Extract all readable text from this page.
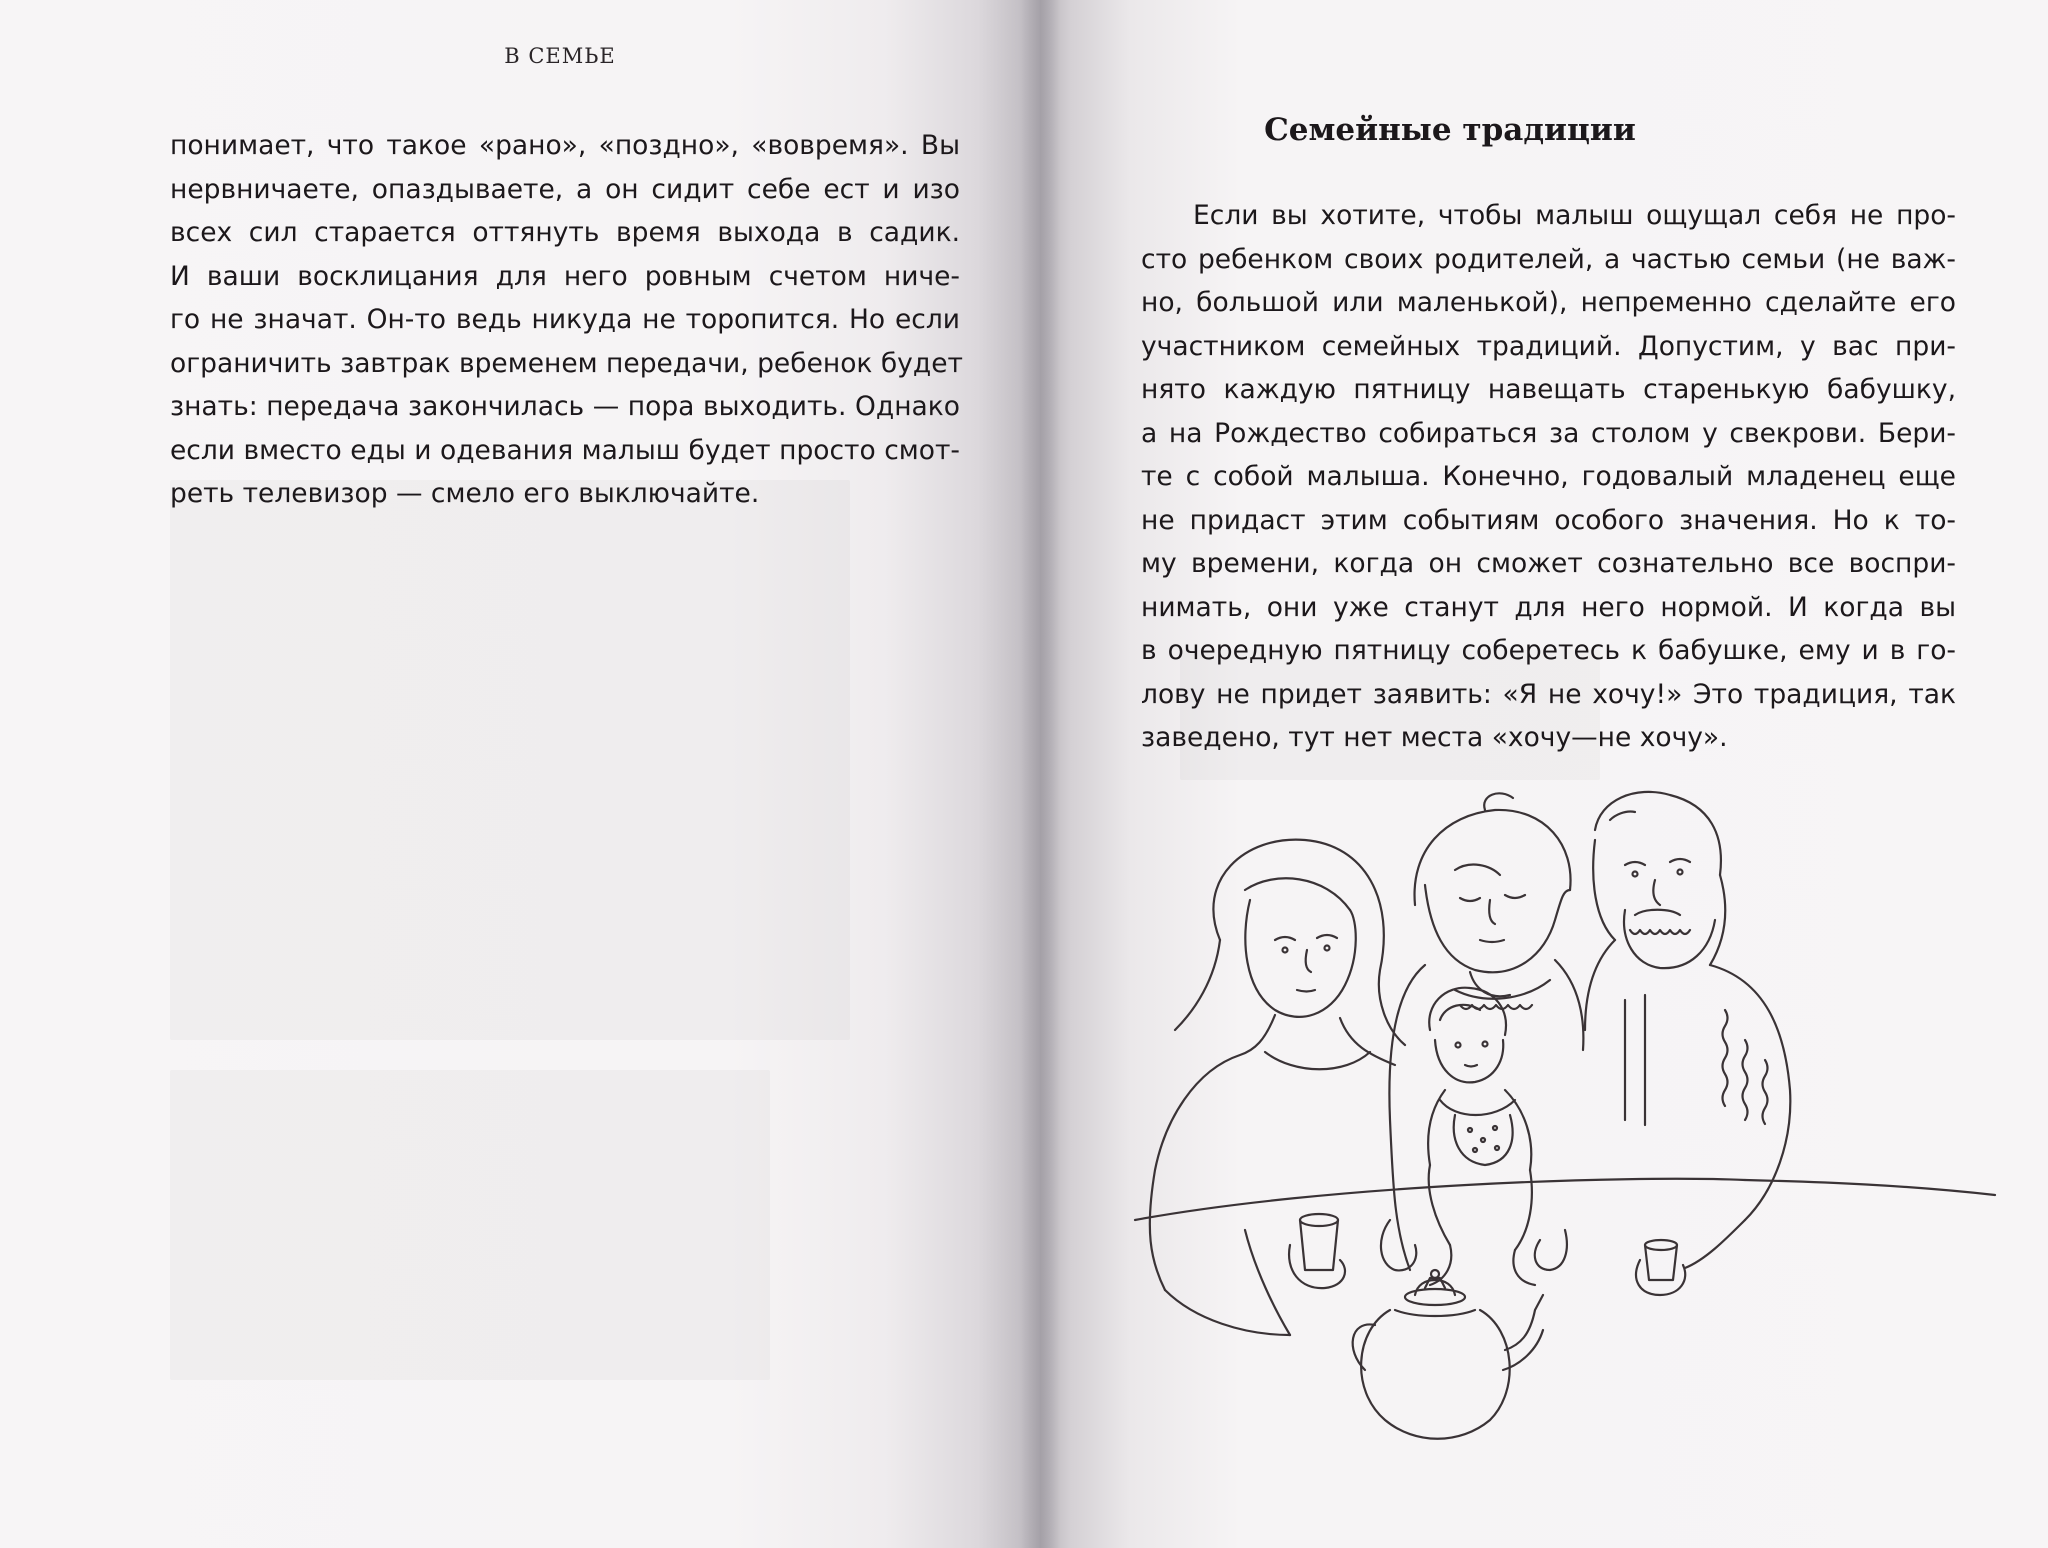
В СЕМЬЕ
понимает, что такое «рано», «поздно», «вовремя». Вы
нервничаете, опаздываете, а он сидит себе ест и изо
всех сил старается оттянуть время выхода в садик.
И ваши восклицания для него ровным счетом ниче-
го не значат. Он-то ведь никуда не торопится. Но если
ограничить завтрак временем передачи, ребенок будет
знать: передача закончилась — пора выходить. Однако
если вместо еды и одевания малыш будет просто смот-
реть телевизор — смело его выключайте.
Семейные традиции
Если вы хотите, чтобы малыш ощущал себя не про-
сто ребенком своих родителей, а частью семьи (не важ-
но, большой или маленькой), непременно сделайте его
участником семейных традиций. Допустим, у вас при-
нято каждую пятницу навещать старенькую бабушку,
а на Рождество собираться за столом у свекрови. Бери-
те с собой малыша. Конечно, годовалый младенец еще
не придаст этим событиям особого значения. Но к то-
му времени, когда он сможет сознательно все воспри-
нимать, они уже станут для него нормой. И когда вы
в очередную пятницу соберетесь к бабушке, ему и в го-
лову не придет заявить: «Я не хочу!» Это традиция, так
заведено, тут нет места «хочу—не хочу».
